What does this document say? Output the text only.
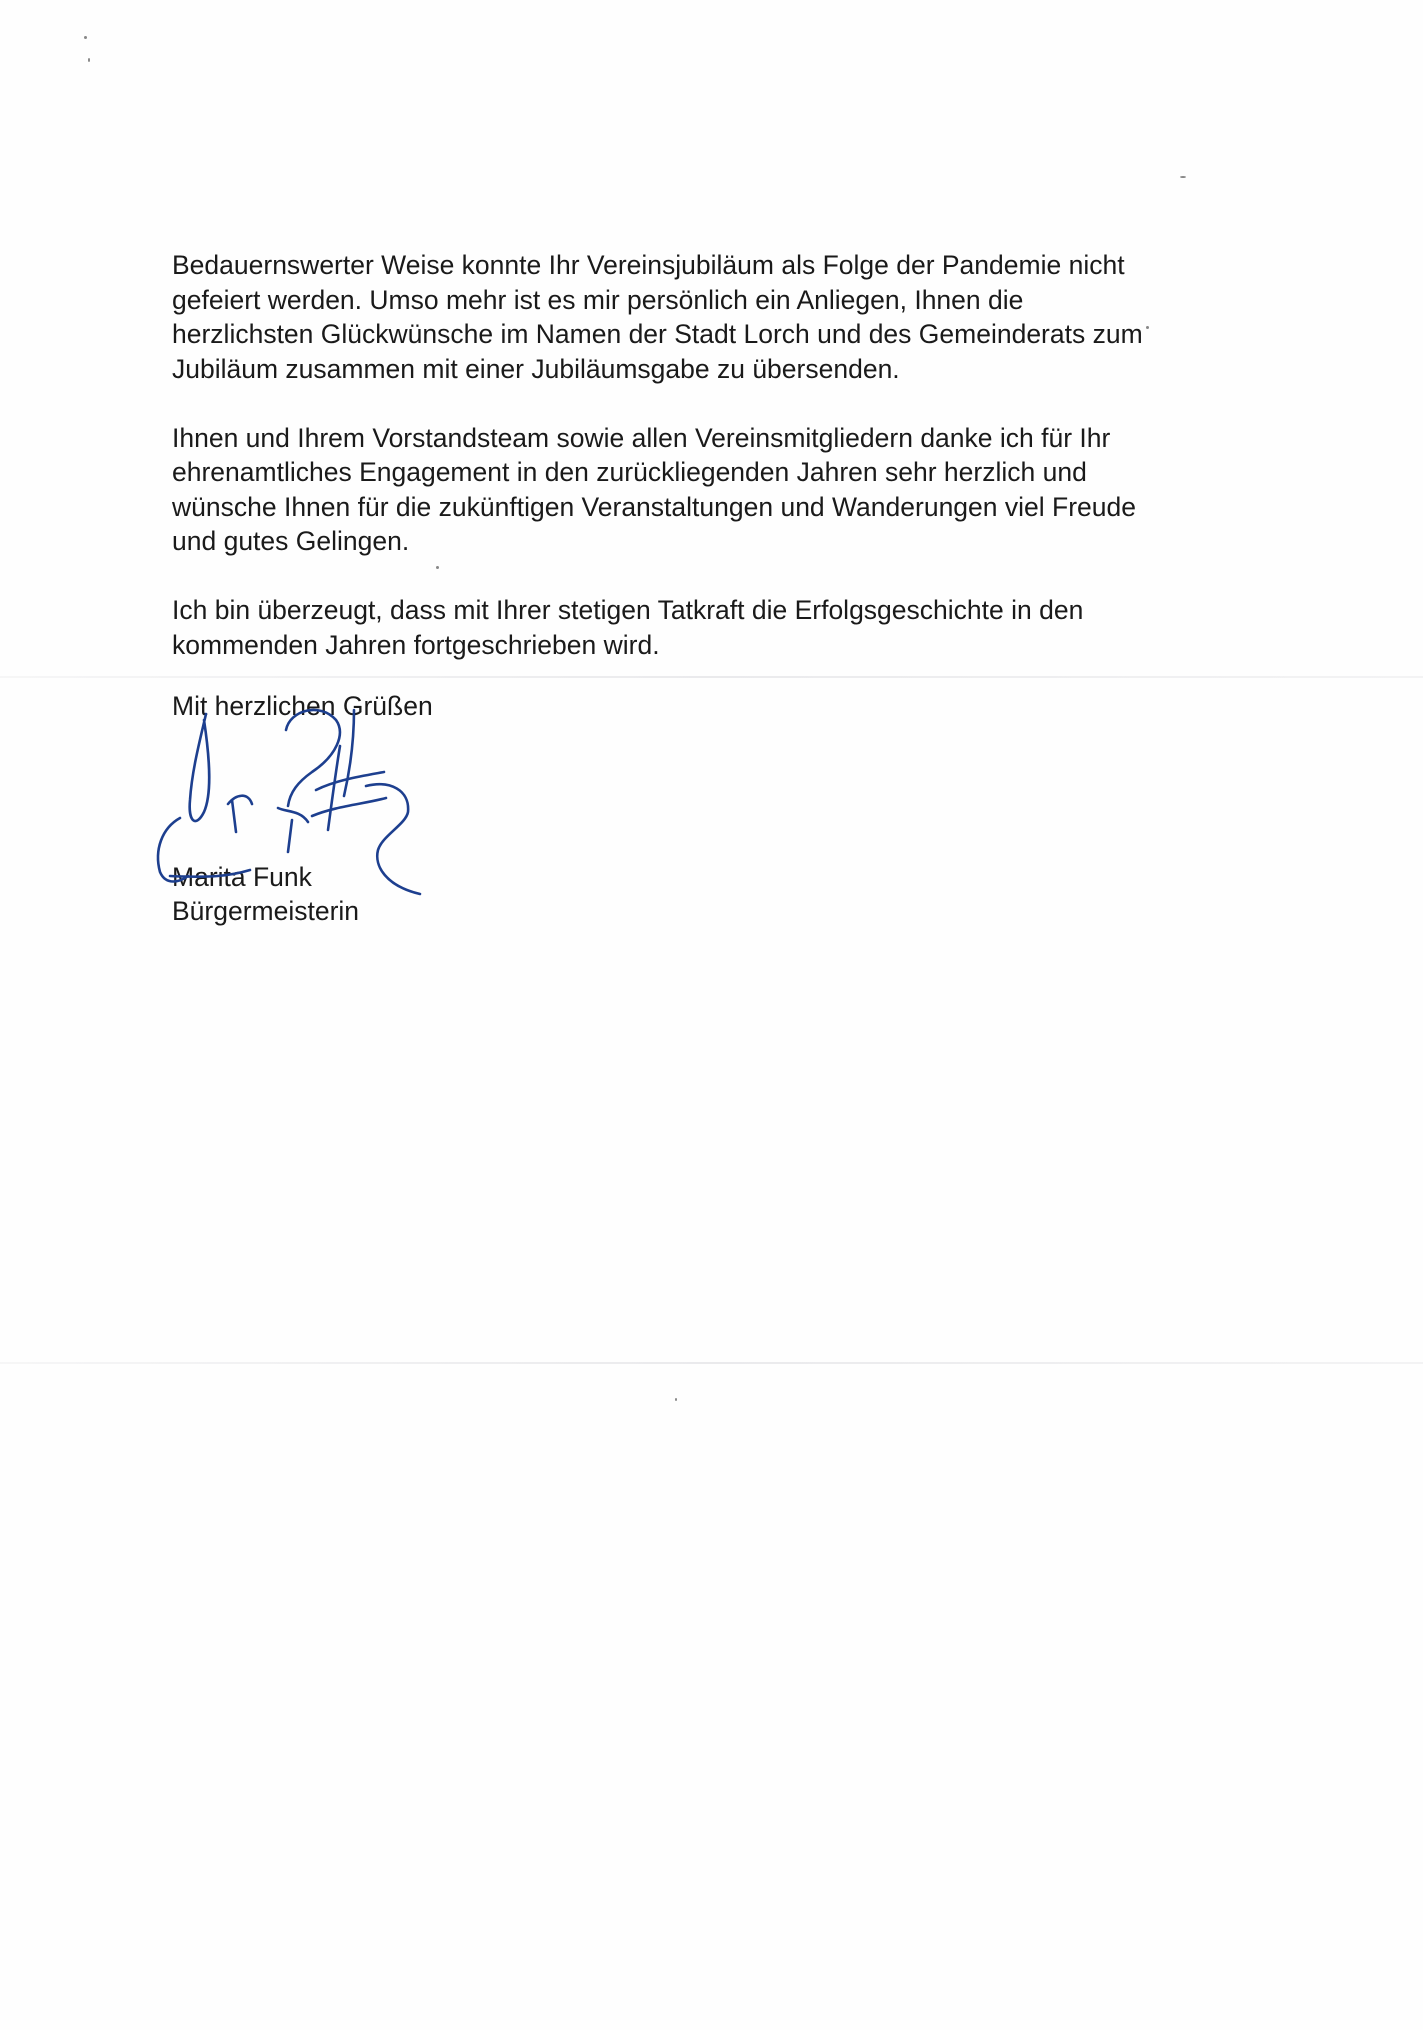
Bedauernswerter Weise konnte Ihr Vereinsjubiläum als Folge der Pandemie nicht
gefeiert werden. Umso mehr ist es mir persönlich ein Anliegen, Ihnen die
herzlichsten Glückwünsche im Namen der Stadt Lorch und des Gemeinderats zum
Jubiläum zusammen mit einer Jubiläumsgabe zu übersenden.

Ihnen und Ihrem Vorstandsteam sowie allen Vereinsmitgliedern danke ich für Ihr
ehrenamtliches Engagement in den zurückliegenden Jahren sehr herzlich und
wünsche Ihnen für die zukünftigen Veranstaltungen und Wanderungen viel Freude
und gutes Gelingen.

Ich bin überzeugt, dass mit Ihrer stetigen Tatkraft die Erfolgsgeschichte in den
kommenden Jahren fortgeschrieben wird.

Mit herzlichen Grüßen
Marita Funk
Bürgermeisterin
